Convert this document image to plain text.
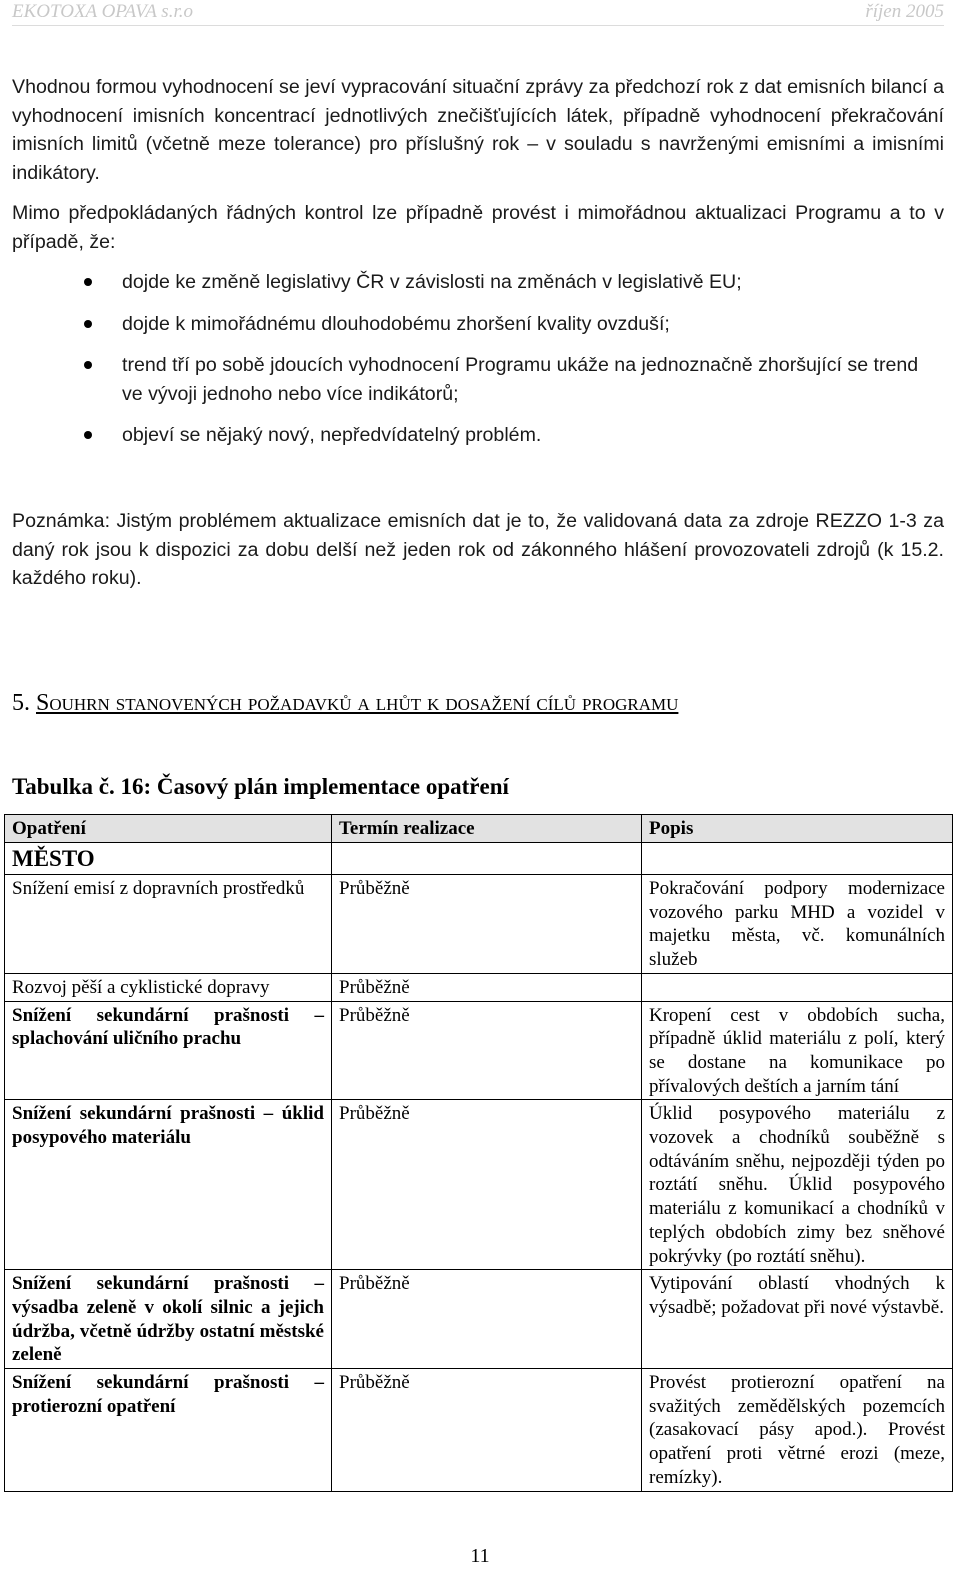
EKOTOXA OPAVA s.r.o	říjen 2005
Vhodnou formou vyhodnocení se jeví vypracování situační zprávy za předchozí rok z dat emisních bilancí a vyhodnocení imisních koncentrací jednotlivých znečišťujících látek, případně vyhodnocení překračování imisních limitů (včetně meze tolerance) pro příslušný rok – v souladu s navrženými emisními a imisními indikátory.
Mimo předpokládaných řádných kontrol lze případně provést i mimořádnou aktualizaci Programu a to v případě, že:
dojde ke změně legislativy ČR v závislosti na změnách v legislativě EU;
dojde k mimořádnému dlouhodobému zhoršení kvality ovzduší;
trend tří po sobě jdoucích vyhodnocení Programu ukáže na jednoznačně zhoršující se trend ve vývoji jednoho nebo více indikátorů;
objeví se nějaký nový, nepředvídatelný problém.
Poznámka: Jistým problémem aktualizace emisních dat je to, že validovaná data za zdroje REZZO 1-3 za daný rok jsou k dispozici za dobu delší než jeden rok od zákonného hlášení provozovateli zdrojů (k 15.2. každého roku).
5. Souhrn stanovených požadavků a lhůt k dosažení cílů programu
Tabulka č. 16: Časový plán implementace opatření
Opatření	Termín realizace	Popis
MĚSTO		
Snížení emisí z dopravních prostředků	Průběžně	Pokračování podpory modernizace vozového parku MHD a vozidel v majetku města, vč. komunálních služeb
Rozvoj pěší a cyklistické dopravy	Průběžně	
Snížení sekundární prašnosti – splachování uličního prachu	Průběžně	Kropení cest v obdobích sucha, případně úklid materiálu z polí, který se dostane na komunikace po přívalových deštích a jarním tání
Snížení sekundární prašnosti – úklid posypového materiálu	Průběžně	Úklid posypového materiálu z vozovek a chodníků souběžně s odtáváním sněhu, nejpozději týden po roztátí sněhu. Úklid posypového materiálu z komunikací a chodníků v teplých obdobích zimy bez sněhové pokrývky (po roztátí sněhu).
Snížení sekundární prašnosti – výsadba zeleně v okolí silnic a jejich údržba, včetně údržby ostatní městské zeleně	Průběžně	Vytipování oblastí vhodných k výsadbě; požadovat při nové výstavbě.
Snížení sekundární prašnosti – protierozní opatření	Průběžně	Provést protierozní opatření na svažitých zemědělských pozemcích (zasakovací pásy apod.). Provést opatření proti větrné erozi (meze, remízky).
11
